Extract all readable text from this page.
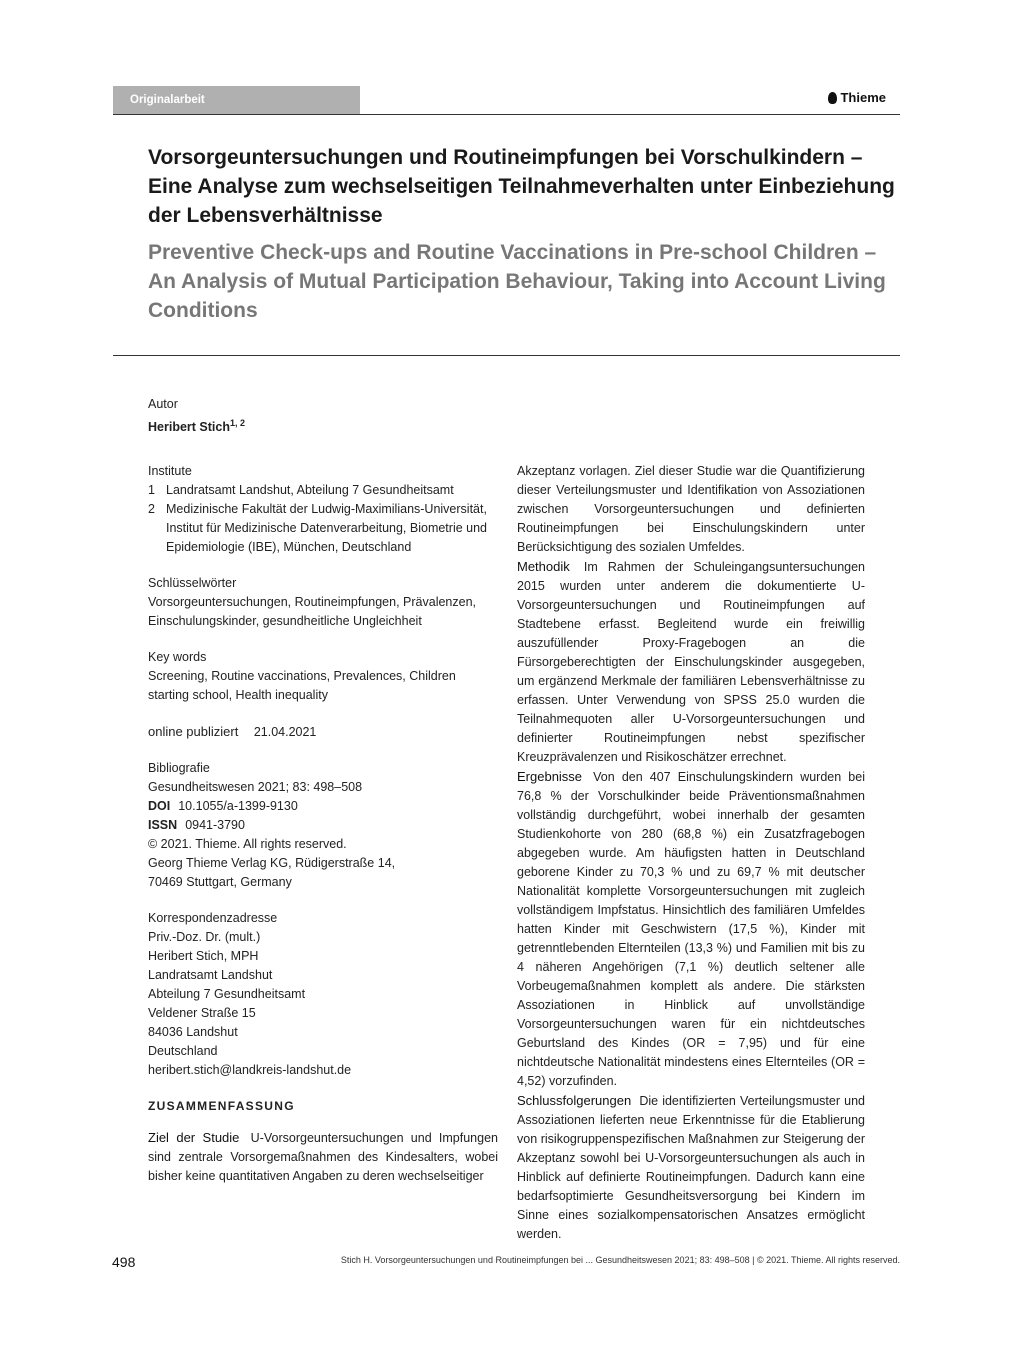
Originalarbeit	Thieme
Vorsorgeuntersuchungen und Routineimpfungen bei Vorschulkindern – Eine Analyse zum wechselseitigen Teilnahmeverhalten unter Einbeziehung der Lebensverhältnisse
Preventive Check-ups and Routine Vaccinations in Pre-school Children – An Analysis of Mutual Participation Behaviour, Taking into Account Living Conditions
Autor
Heribert Stich$^{1, 2}$
Institute
1 Landratsamt Landshut, Abteilung 7 Gesundheitsamt
2 Medizinische Fakultät der Ludwig-Maximilians-Universität, Institut für Medizinische Datenverarbeitung, Biometrie und Epidemiologie (IBE), München, Deutschland
Schlüsselwörter
Vorsorgeuntersuchungen, Routineimpfungen, Prävalenzen, Einschulungskinder, gesundheitliche Ungleichheit
Key words
Screening, Routine vaccinations, Prevalences, Children starting school, Health inequality
online publiziert 21.04.2021
Bibliografie
Gesundheitswesen 2021; 83: 498–508
DOI 10.1055/a-1399-9130
ISSN 0941-3790
© 2021. Thieme. All rights reserved.
Georg Thieme Verlag KG, Rüdigerstraße 14,
70469 Stuttgart, Germany
Korrespondenzadresse
Priv.-Doz. Dr. (mult.)
Heribert Stich, MPH
Landratsamt Landshut
Abteilung 7 Gesundheitsamt
Veldener Straße 15
84036 Landshut
Deutschland
heribert.stich@landkreis-landshut.de
ZUSAMMENFASSUNG
Ziel der Studie U-Vorsorgeuntersuchungen und Impfungen sind zentrale Vorsorgemaßnahmen des Kindesalters, wobei bisher keine quantitativen Angaben zu deren wechselseitiger
Akzeptanz vorlagen. Ziel dieser Studie war die Quantifizierung dieser Verteilungsmuster und Identifikation von Assoziationen zwischen Vorsorgeuntersuchungen und definierten Routineimpfungen bei Einschulungskindern unter Berücksichtigung des sozialen Umfeldes.
Methodik Im Rahmen der Schuleingangsuntersuchungen 2015 wurden unter anderem die dokumentierte U-Vorsorgeuntersuchungen und Routineimpfungen auf Stadtebene erfasst. Begleitend wurde ein freiwillig auszufüllender Proxy-Fragebogen an die Fürsorgeberechtigten der Einschulungskinder ausgegeben, um ergänzend Merkmale der familiären Lebensverhältnisse zu erfassen. Unter Verwendung von SPSS 25.0 wurden die Teilnahmequoten aller U-Vorsorgeuntersuchungen und definierter Routineimpfungen nebst spezifischer Kreuzprävalenzen und Risikoschätzer errechnet.
Ergebnisse Von den 407 Einschulungskindern wurden bei 76,8 % der Vorschulkinder beide Präventionsmaßnahmen vollständig durchgeführt, wobei innerhalb der gesamten Studienkohorte von 280 (68,8 %) ein Zusatzfragebogen abgegeben wurde. Am häufigsten hatten in Deutschland geborene Kinder zu 70,3 % und zu 69,7 % mit deutscher Nationalität komplette Vorsorgeuntersuchungen mit zugleich vollständigem Impfstatus. Hinsichtlich des familiären Umfeldes hatten Kinder mit Geschwistern (17,5 %), Kinder mit getrenntlebenden Elternteilen (13,3 %) und Familien mit bis zu 4 näheren Angehörigen (7,1 %) deutlich seltener alle Vorbeugemaßnahmen komplett als andere. Die stärksten Assoziationen in Hinblick auf unvollständige Vorsorgeuntersuchungen waren für ein nichtdeutsches Geburtsland des Kindes (OR = 7,95) und für eine nichtdeutsche Nationalität mindestens eines Elternteiles (OR = 4,52) vorzufinden.
Schlussfolgerungen Die identifizierten Verteilungsmuster und Assoziationen lieferten neue Erkenntnisse für die Etablierung von risikogruppenspezifischen Maßnahmen zur Steigerung der Akzeptanz sowohl bei U-Vorsorgeuntersuchungen als auch in Hinblick auf definierte Routineimpfungen. Dadurch kann eine bedarfsoptimierte Gesundheitsversorgung bei Kindern im Sinne eines sozialkompensatorischen Ansatzes ermöglicht werden.
498	Stich H. Vorsorgeuntersuchungen und Routineimpfungen bei ... Gesundheitswesen 2021; 83: 498–508 | © 2021. Thieme. All rights reserved.
